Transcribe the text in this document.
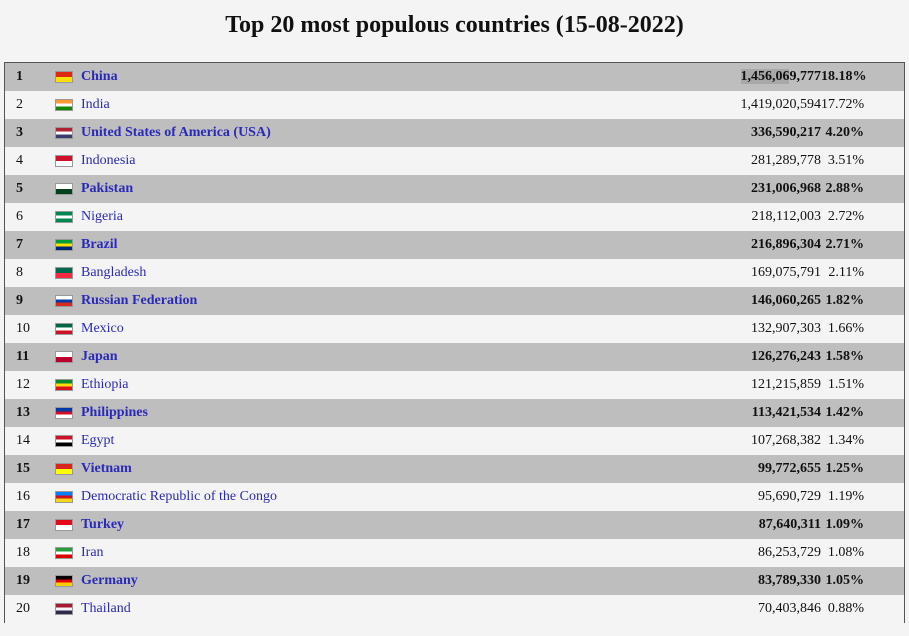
Top 20 most populous countries (15-08-2022)
1		China	1,456,069,777	18.18%
2		India	1,419,020,594	17.72%
3		United States of America (USA)	336,590,217	4.20%
4		Indonesia	281,289,778	3.51%
5		Pakistan	231,006,968	2.88%
6		Nigeria	218,112,003	2.72%
7		Brazil	216,896,304	2.71%
8		Bangladesh	169,075,791	2.11%
9		Russian Federation	146,060,265	1.82%
10		Mexico	132,907,303	1.66%
11		Japan	126,276,243	1.58%
12		Ethiopia	121,215,859	1.51%
13		Philippines	113,421,534	1.42%
14		Egypt	107,268,382	1.34%
15		Vietnam	99,772,655	1.25%
16		Democratic Republic of the Congo	95,690,729	1.19%
17		Turkey	87,640,311	1.09%
18		Iran	86,253,729	1.08%
19		Germany	83,789,330	1.05%
20		Thailand	70,403,846	0.88%
